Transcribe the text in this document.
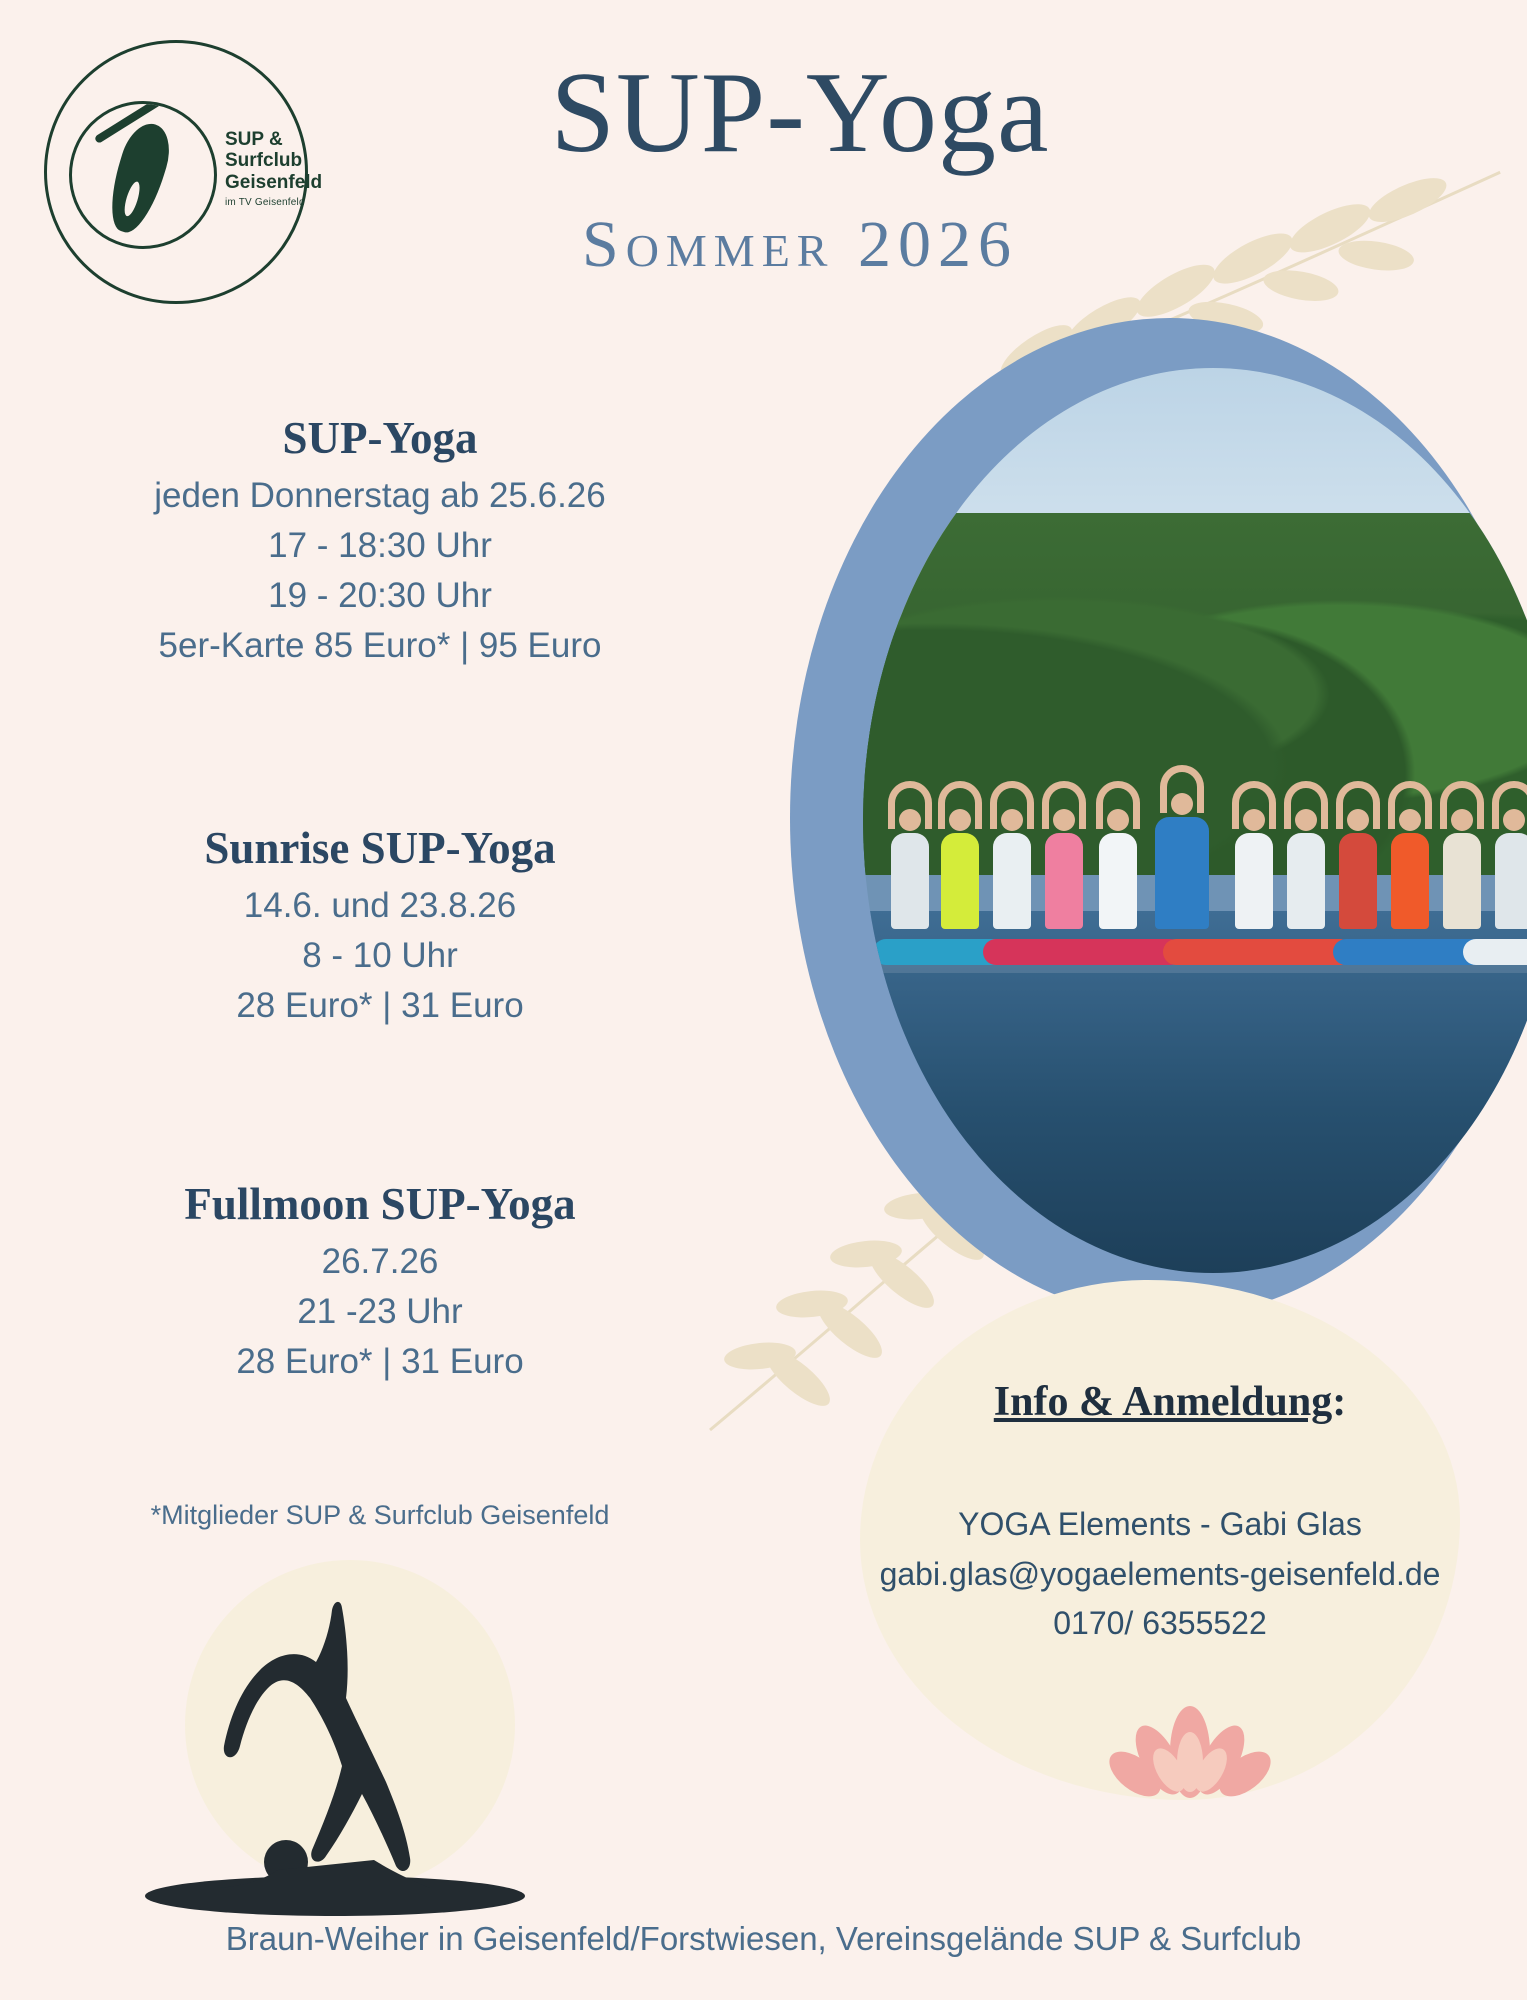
SUP &
Surfclub
Geisenfeld
im TV Geisenfeld
SUP-Yoga
Sommer 2026
SUP-Yoga

jeden Donnerstag ab 25.6.26

17 - 18:30 Uhr

19 - 20:30 Uhr

5er-Karte 85 Euro* | 95 Euro

Sunrise SUP-Yoga

14.6. und 23.8.26

8 - 10 Uhr

28 Euro* | 31 Euro

Fullmoon SUP-Yoga

26.7.26

21 -23 Uhr

28 Euro* | 31 Euro

*Mitglieder SUP & Surfclub Geisenfeld
Info & Anmeldung:
YOGA Elements - Gabi Glas
gabi.glas@yogaelements-geisenfeld.de
0170/ 6355522
Braun-Weiher in Geisenfeld/Forstwiesen, Vereinsgelände SUP & Surfclub
